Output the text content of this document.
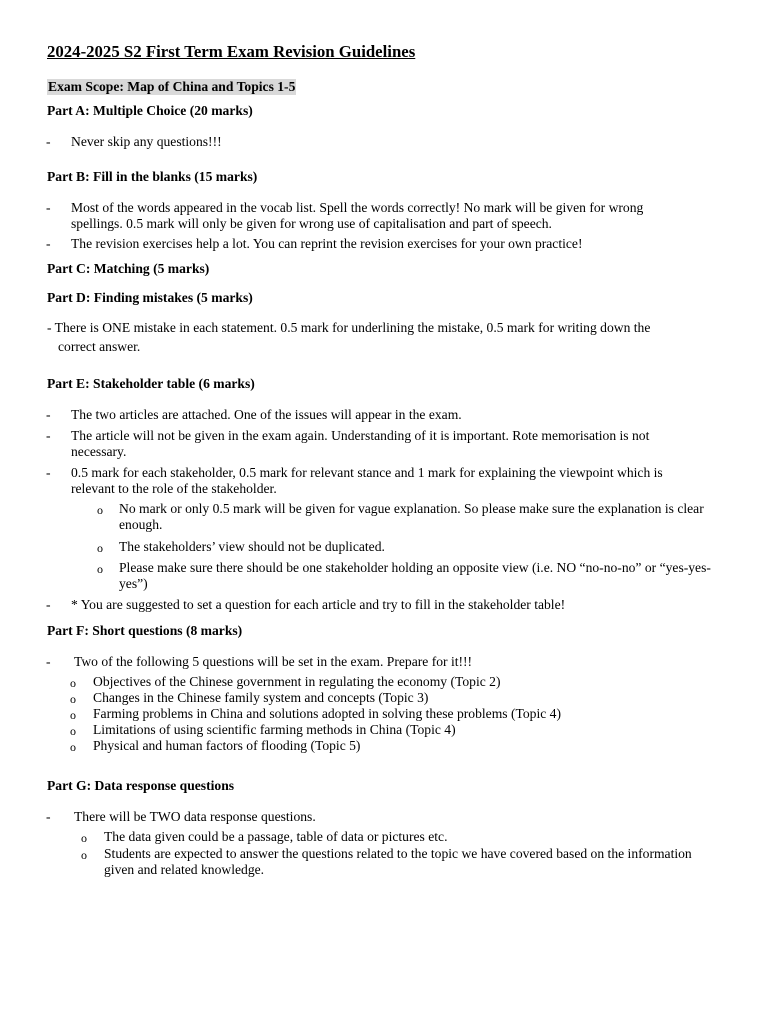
2024-2025 S2 First Term Exam Revision Guidelines
Exam Scope: Map of China and Topics 1-5
Part A: Multiple Choice (20 marks)
- Never skip any questions!!!
Part B: Fill in the blanks (15 marks)
- Most of the words appeared in the vocab list. Spell the words correctly! No mark will be given for wrong spellings. 0.5 mark will only be given for wrong use of capitalisation and part of speech.
- The revision exercises help a lot. You can reprint the revision exercises for your own practice!
Part C: Matching (5 marks)
Part D: Finding mistakes (5 marks)
- There is ONE mistake in each statement. 0.5 mark for underlining the mistake, 0.5 mark for writing down the
correct answer.
Part E: Stakeholder table (6 marks)
- The two articles are attached. One of the issues will appear in the exam.
- The article will not be given in the exam again. Understanding of it is important. Rote memorisation is not necessary.
- 0.5 mark for each stakeholder, 0.5 mark for relevant stance and 1 mark for explaining the viewpoint which is relevant to the role of the stakeholder.
o No mark or only 0.5 mark will be given for vague explanation. So please make sure the explanation is clear enough.
o The stakeholders’ view should not be duplicated.
o Please make sure there should be one stakeholder holding an opposite view (i.e. NO “no-no-no” or “yes-yes-yes”)
- * You are suggested to set a question for each article and try to fill in the stakeholder table!
Part F: Short questions (8 marks)
- Two of the following 5 questions will be set in the exam. Prepare for it!!!
o Objectives of the Chinese government in regulating the economy (Topic 2)
o Changes in the Chinese family system and concepts (Topic 3)
o Farming problems in China and solutions adopted in solving these problems (Topic 4)
o Limitations of using scientific farming methods in China (Topic 4)
o Physical and human factors of flooding (Topic 5)
Part G: Data response questions
- There will be TWO data response questions.
o The data given could be a passage, table of data or pictures etc.
o Students are expected to answer the questions related to the topic we have covered based on the information given and related knowledge.
